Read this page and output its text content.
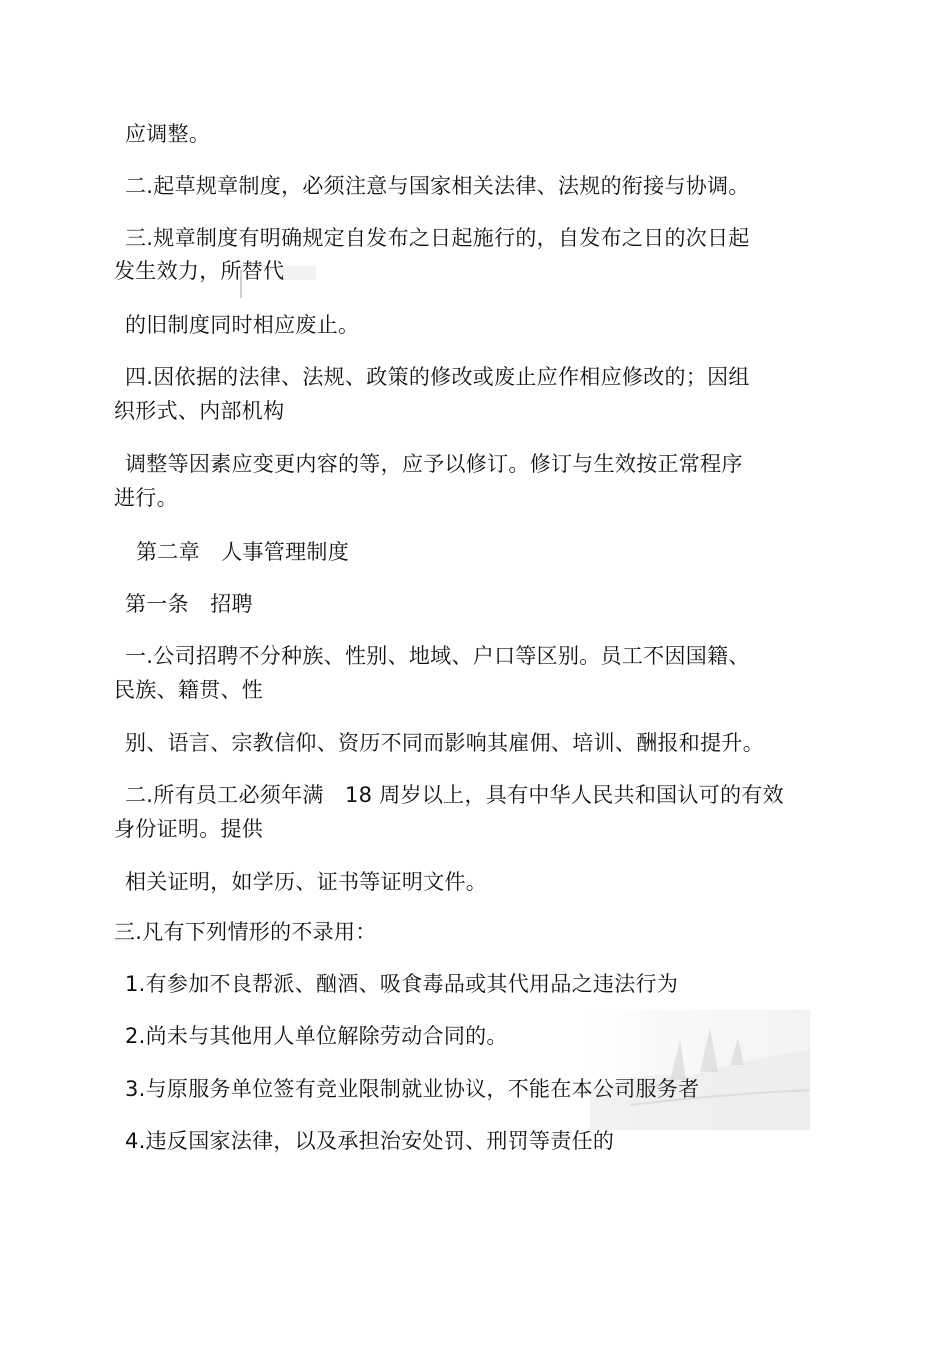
应调整。
二.起草规章制度，必须注意与国家相关法律、法规的衔接与协调。
三.规章制度有明确规定自发布之日起施行的，自发布之日的次日起
发生效力，所替代
的旧制度同时相应废止。
四.因依据的法律、法规、政策的修改或废止应作相应修改的；因组
织形式、内部机构
调整等因素应变更内容的等，应予以修订。修订与生效按正常程序
进行。
第二章　人事管理制度
第一条　招聘
一.公司招聘不分种族、性别、地域、户口等区别。员工不因国籍、
民族、籍贯、性
别、语言、宗教信仰、资历不同而影响其雇佣、培训、酬报和提升。
二.所有员工必须年满　18 周岁以上，具有中华人民共和国认可的有效
身份证明。提供
相关证明，如学历、证书等证明文件。
三.凡有下列情形的不录用：
1.有参加不良帮派、酗酒、吸食毒品或其代用品之违法行为
2.尚未与其他用人单位解除劳动合同的。
3.与原服务单位签有竞业限制就业协议，不能在本公司服务者
4.违反国家法律，以及承担治安处罚、刑罚等责任的
